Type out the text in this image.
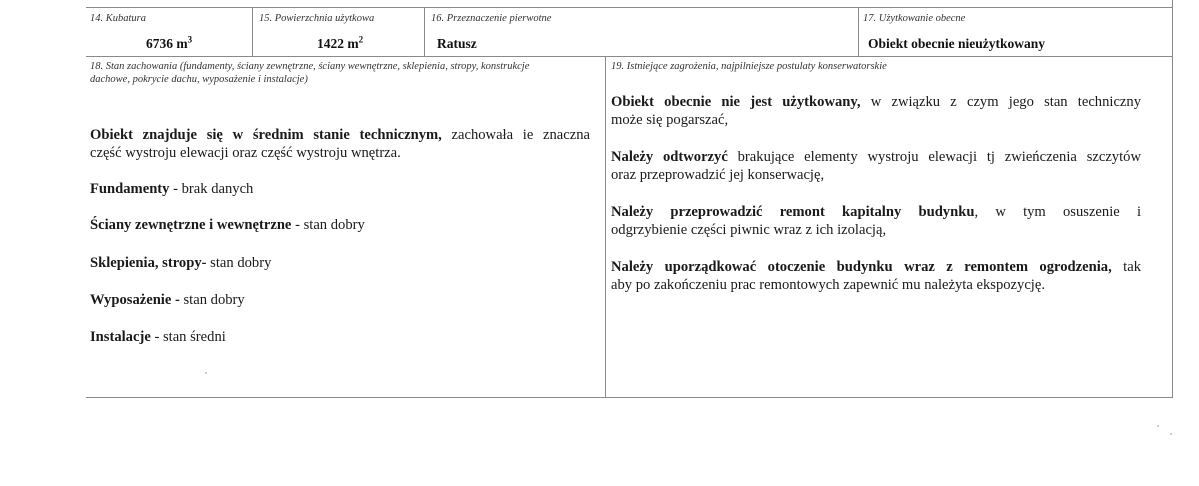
14. Kubatura
6736 $m^3$
15. Powierzchnia użytkowa
1422 $m^2$
16. Przeznaczenie pierwotne
Ratusz
17. Użytkowanie obecne
Obiekt obecnie nieużytkowany
18. Stan zachowania (fundamenty, ściany zewnętrzne, ściany wewnętrzne, sklepienia, stropy, konstrukcje
dachowe, pokrycie dachu, wyposażenie i instalacje)

Obiekt znajduje się w średnim stanie technicznym, zachowała ie znaczna
część wystroju elewacji oraz część wystroju wnętrza.

Fundamenty - brak danych
Ściany zewnętrzne i wewnętrzne - stan dobry
Sklepienia, stropy- stan dobry
Wyposażenie - stan dobry
Instalacje - stan średni
19. Istniejące zagrożenia, najpilniejsze postulaty konserwatorskie
Obiekt obecnie nie jest użytkowany, w związku z czym jego stan techniczny
może się pogarszać,
Należy odtworzyć brakujące elementy wystroju elewacji tj zwieńczenia szczytów
oraz przeprowadzić jej konserwację,
Należy przeprowadzić remont kapitalny budynku, w tym osuszenie i
odgrzybienie części piwnic wraz z ich izolacją,
Należy uporządkować otoczenie budynku wraz z remontem ogrodzenia, tak
aby po zakończeniu prac remontowych zapewnić mu należyta ekspozycję.
